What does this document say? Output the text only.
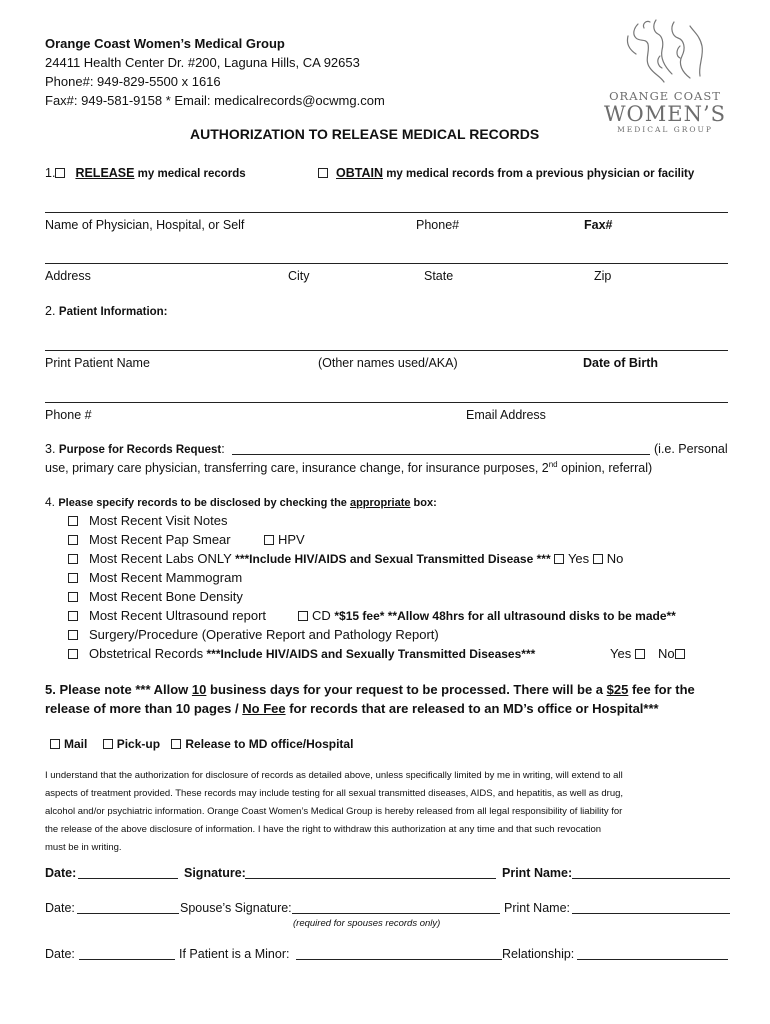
Orange Coast Women’s Medical Group
24411 Health Center Dr. #200, Laguna Hills, CA 92653
Phone#: 949-829-5500 x 1616
Fax#: 949-581-9158 * Email: medicalrecords@ocwmg.com	ORANGE COAST
WOMEN’S
MEDICAL GROUP
AUTHORIZATION TO RELEASE MEDICAL RECORDS
1. RELEASE my medical records	OBTAIN my medical records from a previous physician or facility
Name of Physician, Hospital, or Self	Phone#	Fax#
Address	City	State	Zip
2. Patient Information:
Print Patient Name	(Other names used/AKA)	Date of Birth
Phone #	Email Address
3. Purpose for Records Request:	(i.e. Personal
use, primary care physician, transferring care, insurance change, for insurance purposes, 2nd opinion, referral)
4. Please specify records to be disclosed by checking the appropriate box:
Most Recent Visit Notes
Most Recent Pap Smear	HPV
Most Recent Labs ONLY ***Include HIV/AIDS and Sexual Transmitted Disease *** Yes No
Most Recent Mammogram
Most Recent Bone Density
Most Recent Ultrasound report	CD *$15 fee* **Allow 48hrs for all ultrasound disks to be made**
Surgery/Procedure (Operative Report and Pathology Report)
Obstetrical Records ***Include HIV/AIDS and Sexually Transmitted Diseases***	Yes	No
5. Please note *** Allow 10 business days for your request to be processed. There will be a $25 fee for the
release of more than 10 pages / No Fee for records that are released to an MD’s office or Hospital***
Mail Pick-up Release to MD office/Hospital
I understand that the authorization for disclosure of records as detailed above, unless specifically limited by me in writing, will extend to all
aspects of treatment provided. These records may include testing for all sexual transmitted diseases, AIDS, and hepatitis, as well as drug,
alcohol and/or psychiatric information. Orange Coast Women’s Medical Group is hereby released from all legal responsibility of liability for
the release of the above disclosure of information. I have the right to withdraw this authorization at any time and that such revocation
must be in writing.
Date:	Signature:	Print Name:
Date:	Spouse’s Signature:	Print Name:
(required for spouses records only)
Date:	If Patient is a Minor:	Relationship:
